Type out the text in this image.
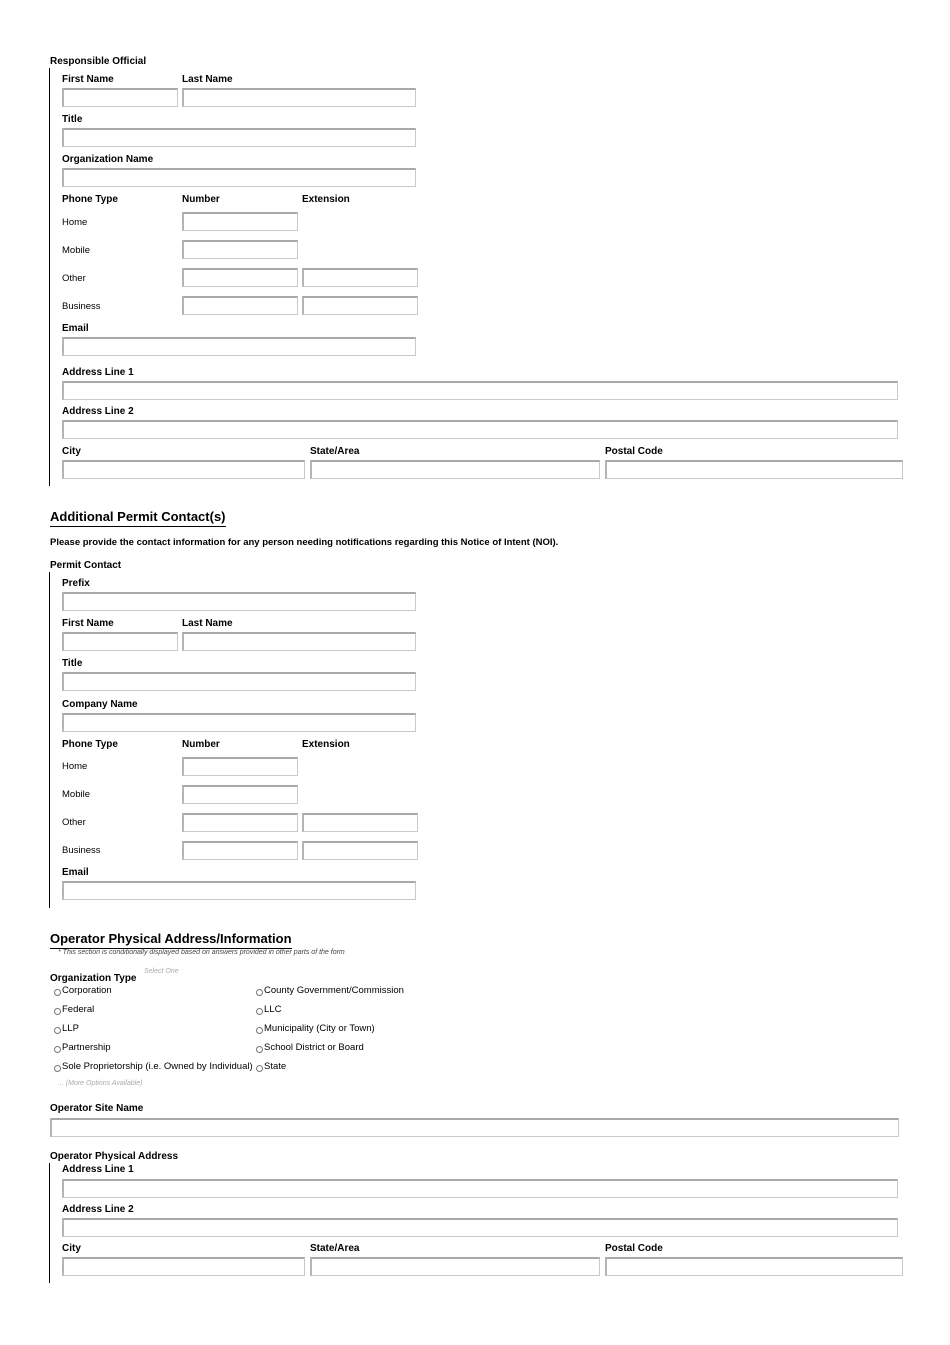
Responsible Official
First Name	Last Name
Title
Organization Name
Phone Type	Number	Extension
Home
Mobile
Other
Business
Email
Address Line 1
Address Line 2
City	State/Area	Postal Code
Additional Permit Contact(s)
Please provide the contact information for any person needing notifications regarding this Notice of Intent (NOI).
Permit Contact
Prefix
First Name	Last Name
Title
Company Name
Phone Type	Number	Extension
Home
Mobile
Other
Business
Email
Operator Physical Address/Information
* This section is conditionally displayed based on answers provided in other parts of the form
Organization Type $^{Select One}$
Corporation
Federal
LLP
Partnership
Sole Proprietorship (i.e. Owned by Individual)
County Government/Commission
LLC
Municipality (City or Town)
School District or Board
State
... (More Options Available)
Operator Site Name
Operator Physical Address
Address Line 1
Address Line 2
City	State/Area	Postal Code
